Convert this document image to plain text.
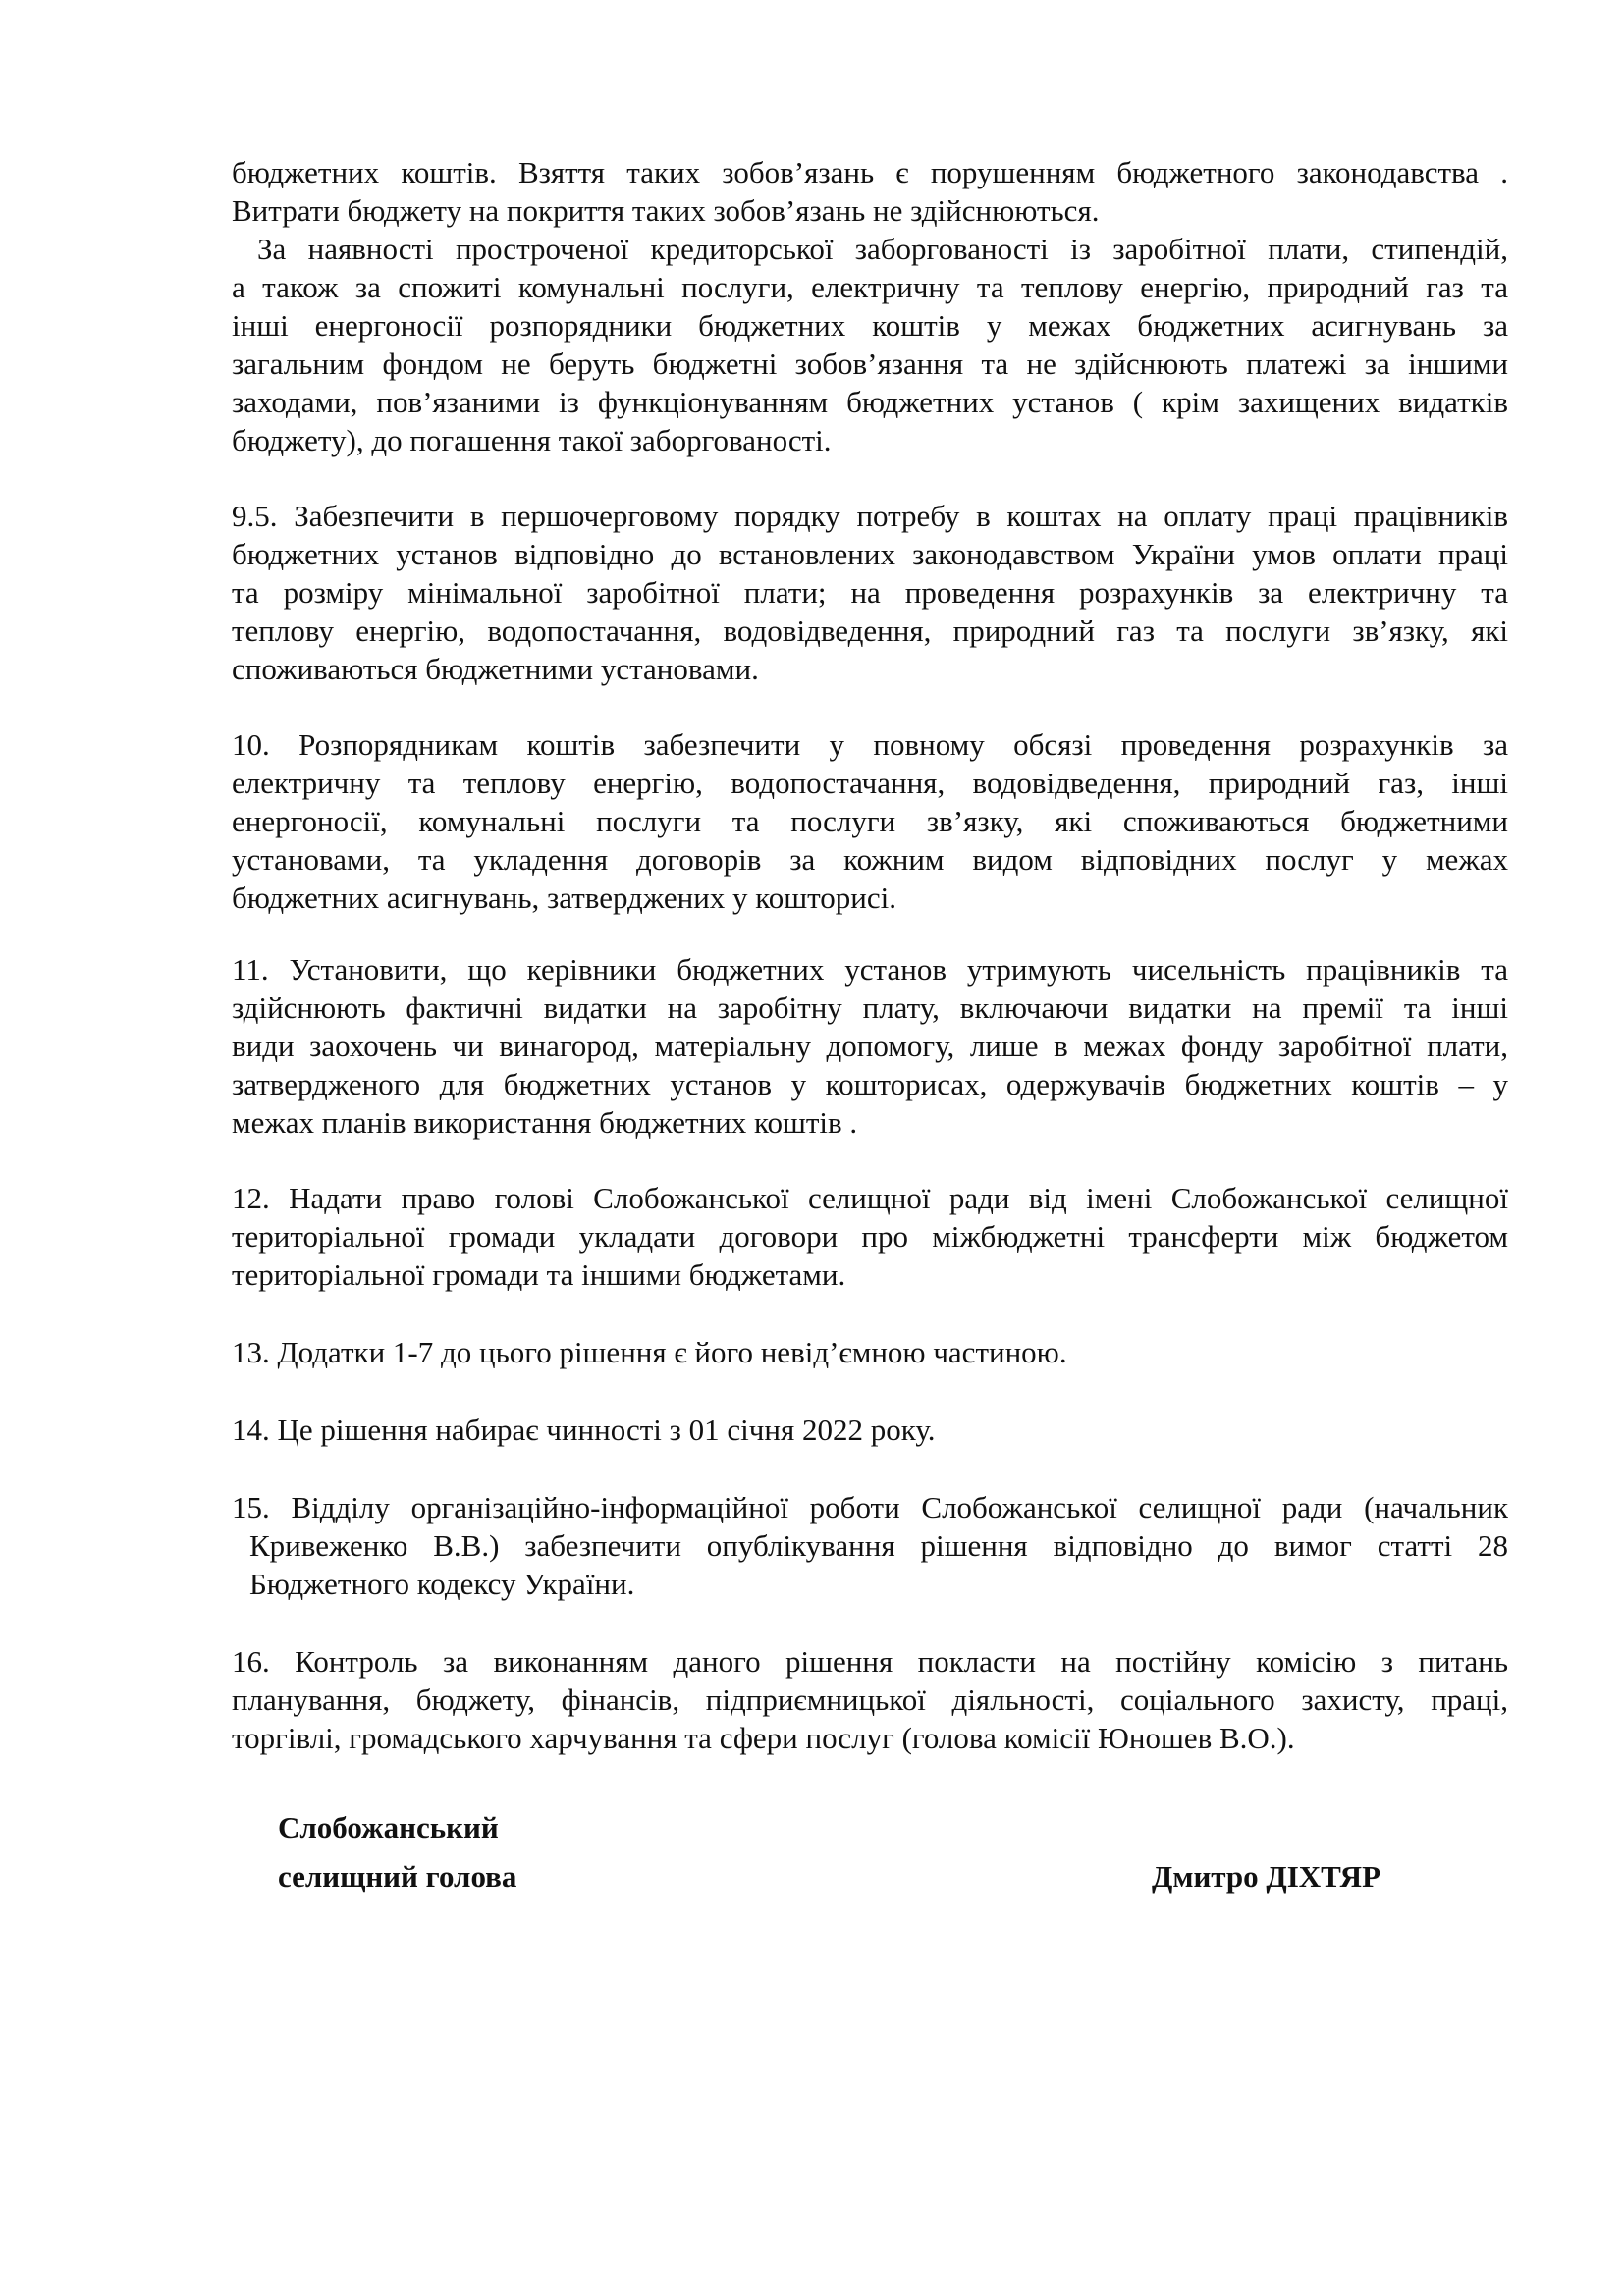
бюджетних коштів. Взяття таких зобов’язань є порушенням бюджетного законодавства .
Витрати бюджету на покриття таких зобов’язань не здійснюються.
За наявності простроченої кредиторської заборгованості із заробітної плати, стипендій,
а також за спожиті комунальні послуги, електричну та теплову енергію, природний газ та
інші енергоносії розпорядники бюджетних коштів у межах бюджетних асигнувань за
загальним фондом не беруть бюджетні зобов’язання та не здійснюють платежі за іншими
заходами, пов’язаними із функціонуванням бюджетних установ ( крім захищених видатків
бюджету), до погашення такої заборгованості.
9.5. Забезпечити в першочерговому порядку потребу в коштах на оплату праці працівників
бюджетних установ відповідно до встановлених законодавством України умов оплати праці
та розміру мінімальної заробітної плати; на проведення розрахунків за електричну та
теплову енергію, водопостачання, водовідведення, природний газ та послуги зв’язку, які
споживаються бюджетними установами.
10. Розпорядникам коштів забезпечити у повному обсязі проведення розрахунків за
електричну та теплову енергію, водопостачання, водовідведення, природний газ, інші
енергоносії, комунальні послуги та послуги зв’язку, які споживаються бюджетними
установами, та укладення договорів за кожним видом відповідних послуг у межах
бюджетних асигнувань, затверджених у кошторисі.
11. Установити, що керівники бюджетних установ утримують чисельність працівників та
здійснюють фактичні видатки на заробітну плату, включаючи видатки на премії та інші
види заохочень чи винагород, матеріальну допомогу, лише в межах фонду заробітної плати,
затвердженого для бюджетних установ у кошторисах, одержувачів бюджетних коштів – у
межах планів використання бюджетних коштів .
12. Надати право голові Слобожанської селищної ради від імені Слобожанської селищної
територіальної громади укладати договори про міжбюджетні трансферти між бюджетом
територіальної громади та іншими бюджетами.
13. Додатки 1-7 до цього рішення є його невід’ємною частиною.
14. Це рішення набирає чинності з 01 січня 2022 року.
15. Відділу організаційно-інформаційної роботи Слобожанської селищної ради (начальник
Кривеженко В.В.) забезпечити опублікування рішення відповідно до вимог статті 28
Бюджетного кодексу України.
16. Контроль за виконанням даного рішення покласти на постійну комісію з питань
планування, бюджету, фінансів, підприємницької діяльності, соціального захисту, праці,
торгівлі, громадського харчування та сфери послуг (голова комісії Юношев В.О.).
Слобожанський
селищний голова	Дмитро ДІХТЯР
